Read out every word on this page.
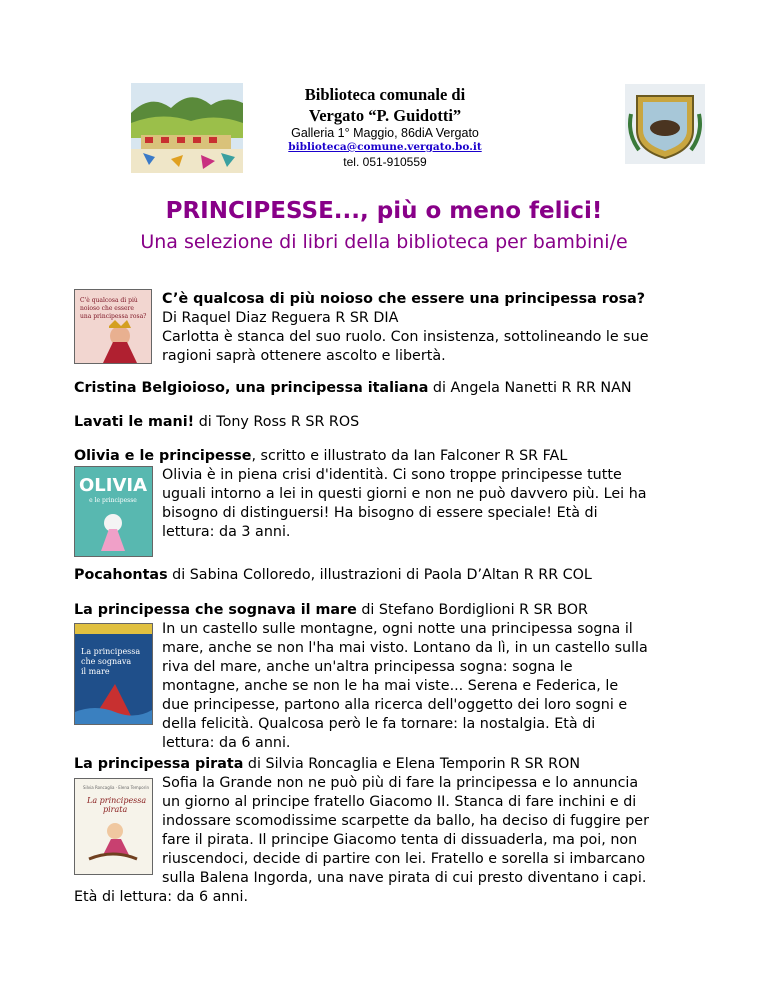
Biblioteca comunale di
Vergato “P. Guidotti”
Galleria 1° Maggio, 86diA Vergato
biblioteca@comune.vergato.bo.it
tel. 051-910559
PRINCIPESSE..., più o meno felici!
Una selezione di libri della biblioteca per bambini/e
C'è qualcosa di più
noioso che essere
una principessa rosa?
C’è qualcosa di più noioso che essere una principessa rosa?
Di Raquel Diaz Reguera R SR DIA
Carlotta è stanca del suo ruolo. Con insistenza, sottolineando le sue
ragioni saprà ottenere ascolto e libertà.
Cristina Belgioioso, una principessa italiana di Angela Nanetti R RR NAN
Lavati le mani! di Tony Ross R SR ROS
Olivia e le principesse, scritto e illustrato da Ian Falconer R SR FAL
OLIVIA
e le principesse
Olivia è in piena crisi d'identità. Ci sono troppe principesse tutte
uguali intorno a lei in questi giorni e non ne può davvero più. Lei ha
bisogno di distinguersi! Ha bisogno di essere speciale! Età di
lettura: da 3 anni.
Pocahontas di Sabina Colloredo, illustrazioni di Paola D’Altan R RR COL
La principessa che sognava il mare di Stefano Bordiglioni R SR BOR
La principessa
che sognava
il mare
In un castello sulle montagne, ogni notte una principessa sogna il
mare, anche se non l'ha mai visto. Lontano da lì, in un castello sulla
riva del mare, anche un'altra principessa sogna: sogna le
montagne, anche se non le ha mai viste... Serena e Federica, le
due principesse, partono alla ricerca dell'oggetto dei loro sogni e
della felicità. Qualcosa però le fa tornare: la nostalgia. Età di
lettura: da 6 anni.
La principessa pirata di Silvia Roncaglia e Elena Temporin R SR RON
Silvia Roncaglia · Elena Temporin
La principessa
pirata
Sofia la Grande non ne può più di fare la principessa e lo annuncia
un giorno al principe fratello Giacomo II. Stanca di fare inchini e di
indossare scomodissime scarpette da ballo, ha deciso di fuggire per
fare il pirata. Il principe Giacomo tenta di dissuaderla, ma poi, non
riuscendoci, decide di partire con lei. Fratello e sorella si imbarcano
sulla Balena Ingorda, una nave pirata di cui presto diventano i capi.
Età di lettura: da 6 anni.
